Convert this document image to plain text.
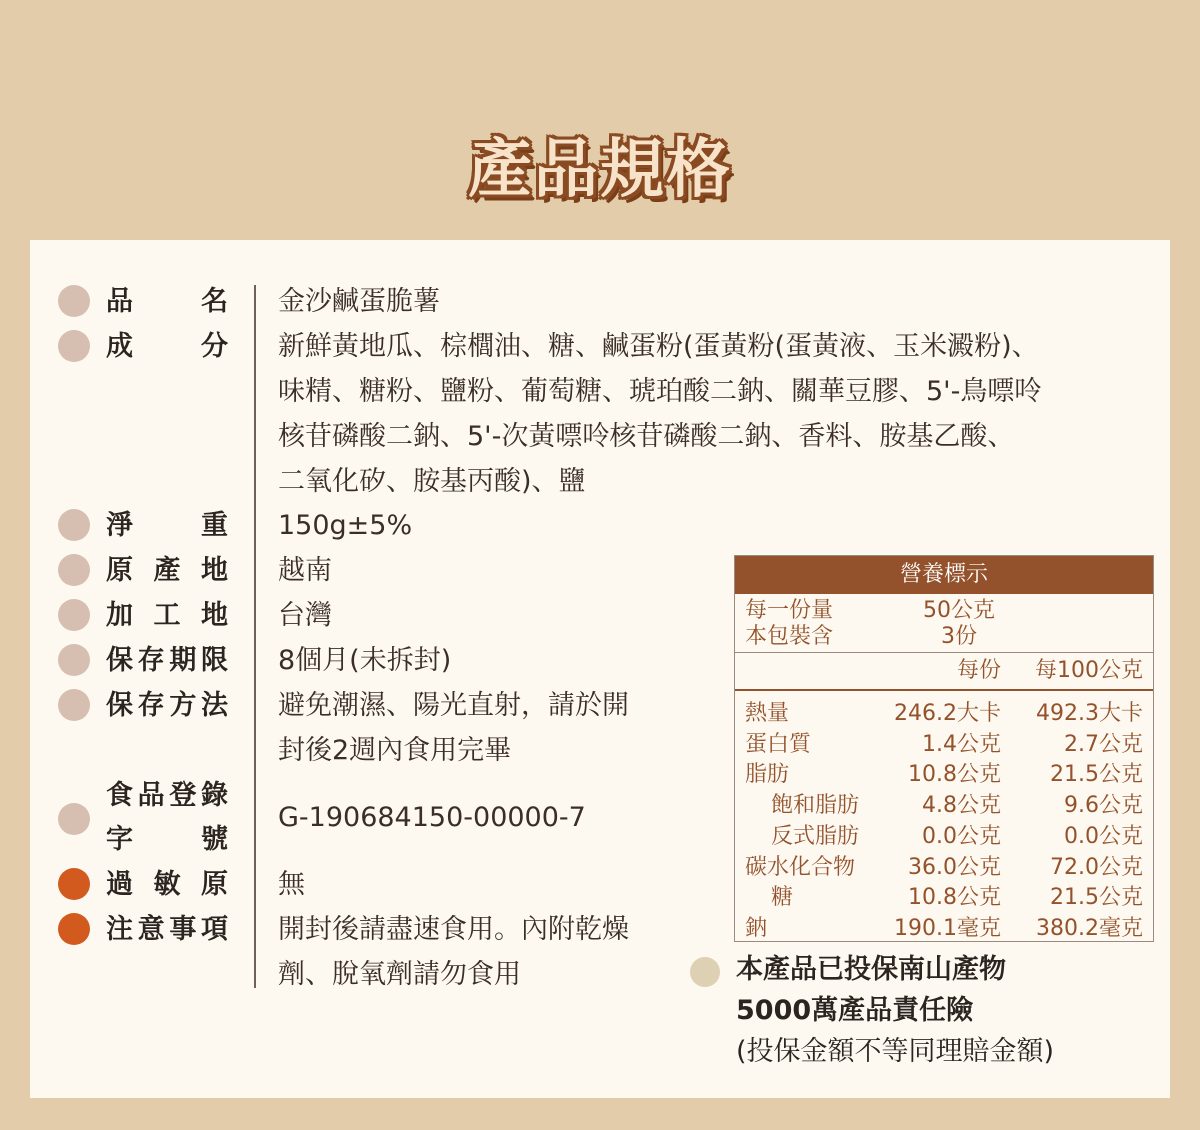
產品規格
品名 金沙鹹蛋脆薯
成分 新鮮黃地瓜、棕櫚油、糖、鹹蛋粉(蛋黃粉(蛋黃液、玉米澱粉)、
味精、糖粉、鹽粉、葡萄糖、琥珀酸二鈉、關華豆膠、5'-鳥嘌呤
核苷磷酸二鈉、5'-次黃嘌呤核苷磷酸二鈉、香料、胺基乙酸、
二氧化矽、胺基丙酸)、鹽
淨重 150g±5%
原產地 越南
加工地 台灣
保存期限 8個月(未拆封)
保存方法 避免潮濕、陽光直射，請於開
封後2週內食用完畢
食品登錄
字號
G-190684150-00000-7
過敏原 無
注意事項 開封後請盡速食用。內附乾燥
劑、脫氧劑請勿食用
營養標示
每一份量	50公克
本包裝含	3份
每份 每100公克
熱量	246.2大卡 492.3大卡
蛋白質	1.4公克	2.7公克
脂肪	10.8公克 21.5公克
飽和脂肪	4.8公克	9.6公克
反式脂肪	0.0公克	0.0公克
碳水化合物 36.0公克 72.0公克
糖	10.8公克 21.5公克
鈉	190.1毫克 380.2毫克
本產品已投保南山產物
5000萬產品責任險
(投保金額不等同理賠金額)
